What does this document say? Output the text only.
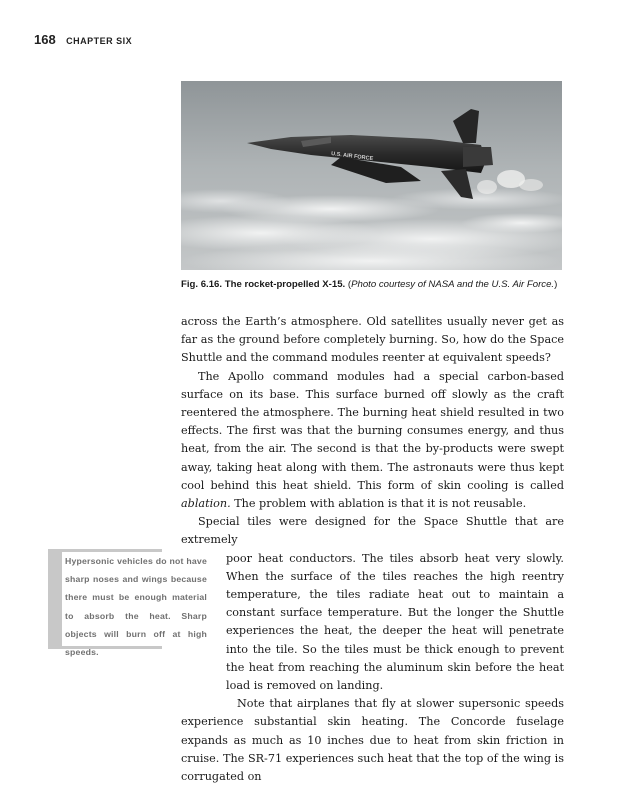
168 CHAPTER SIX
U.S. AIR FORCE
Fig. 6.16. The rocket-propelled X-15. (Photo courtesy of NASA and the U.S. Air Force.)

across the Earth’s atmosphere. Old satellites usually never get as far as the ground before completely burning. So, how do the Space Shuttle and the command modules reenter at equivalent speeds?

The Apollo command modules had a special carbon-based surface on its base. This surface burned off slowly as the craft reentered the atmosphere. The burning heat shield resulted in two effects. The first was that the burning consumes energy, and thus heat, from the air. The second is that the by-products were swept away, taking heat along with them. The astronauts were thus kept cool behind this heat shield. This form of skin cooling is called ablation. The problem with ablation is that it is not reusable.

Special tiles were designed for the Space Shuttle that are extremely

poor heat conductors. The tiles absorb heat very slowly. When the surface of the tiles reaches the high reentry temperature, the tiles radiate heat out to maintain a constant surface temperature. But the longer the Shuttle experiences the heat, the deeper the heat will penetrate into the tile. So the tiles must be thick enough to prevent the heat from reaching the aluminum skin before the heat load is removed on landing.

Note that airplanes that fly at slower supersonic speeds experience substantial skin heating. The Concorde fuselage expands as much as 10 inches due to heat from skin friction in cruise. The SR-71 experiences such heat that the top of the wing is corrugated on

Hypersonic vehicles do not have sharp noses and wings because there must be enough material to absorb the heat. Sharp objects will burn off at high speeds.
